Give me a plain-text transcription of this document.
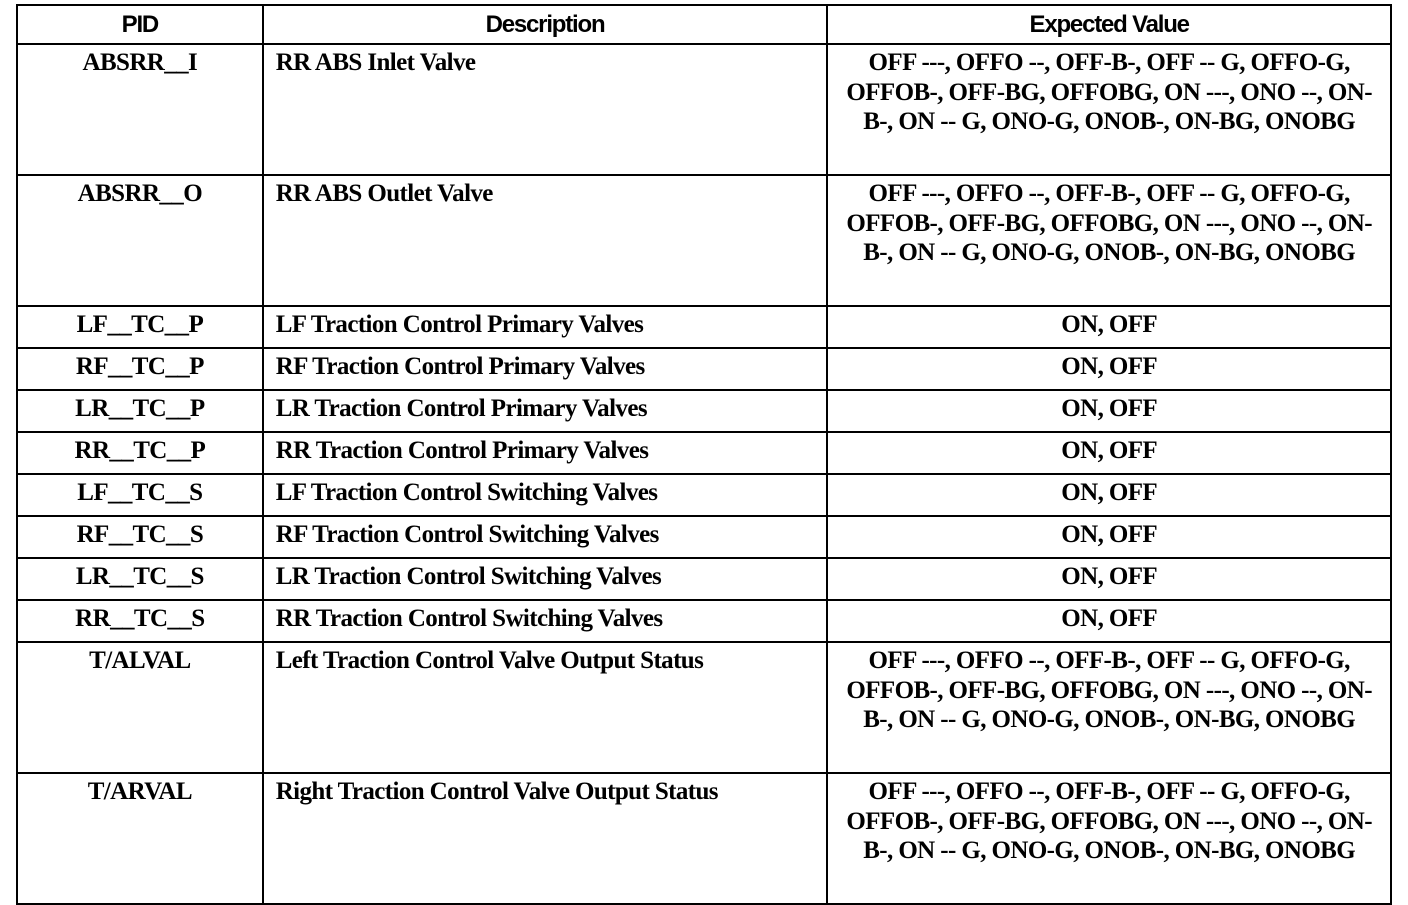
PID	Description	Expected Value
ABSRR__I	RR ABS Inlet Valve	OFF ---, OFFO --, OFF-B-, OFF -- G, OFFO-G, OFFOB-, OFF-BG, OFFOBG, ON ---, ONO --, ON-B-, ON -- G, ONO-G, ONOB-, ON-BG, ONOBG
ABSRR__O	RR ABS Outlet Valve	OFF ---, OFFO --, OFF-B-, OFF -- G, OFFO-G, OFFOB-, OFF-BG, OFFOBG, ON ---, ONO --, ON-B-, ON -- G, ONO-G, ONOB-, ON-BG, ONOBG
LF__TC__P	LF Traction Control Primary Valves	ON, OFF
RF__TC__P	RF Traction Control Primary Valves	ON, OFF
LR__TC__P	LR Traction Control Primary Valves	ON, OFF
RR__TC__P	RR Traction Control Primary Valves	ON, OFF
LF__TC__S	LF Traction Control Switching Valves	ON, OFF
RF__TC__S	RF Traction Control Switching Valves	ON, OFF
LR__TC__S	LR Traction Control Switching Valves	ON, OFF
RR__TC__S	RR Traction Control Switching Valves	ON, OFF
T/ALVAL	Left Traction Control Valve Output Status	OFF ---, OFFO --, OFF-B-, OFF -- G, OFFO-G, OFFOB-, OFF-BG, OFFOBG, ON ---, ONO --, ON-B-, ON -- G, ONO-G, ONOB-, ON-BG, ONOBG
T/ARVAL	Right Traction Control Valve Output Status	OFF ---, OFFO --, OFF-B-, OFF -- G, OFFO-G, OFFOB-, OFF-BG, OFFOBG, ON ---, ONO --, ON-B-, ON -- G, ONO-G, ONOB-, ON-BG, ONOBG
